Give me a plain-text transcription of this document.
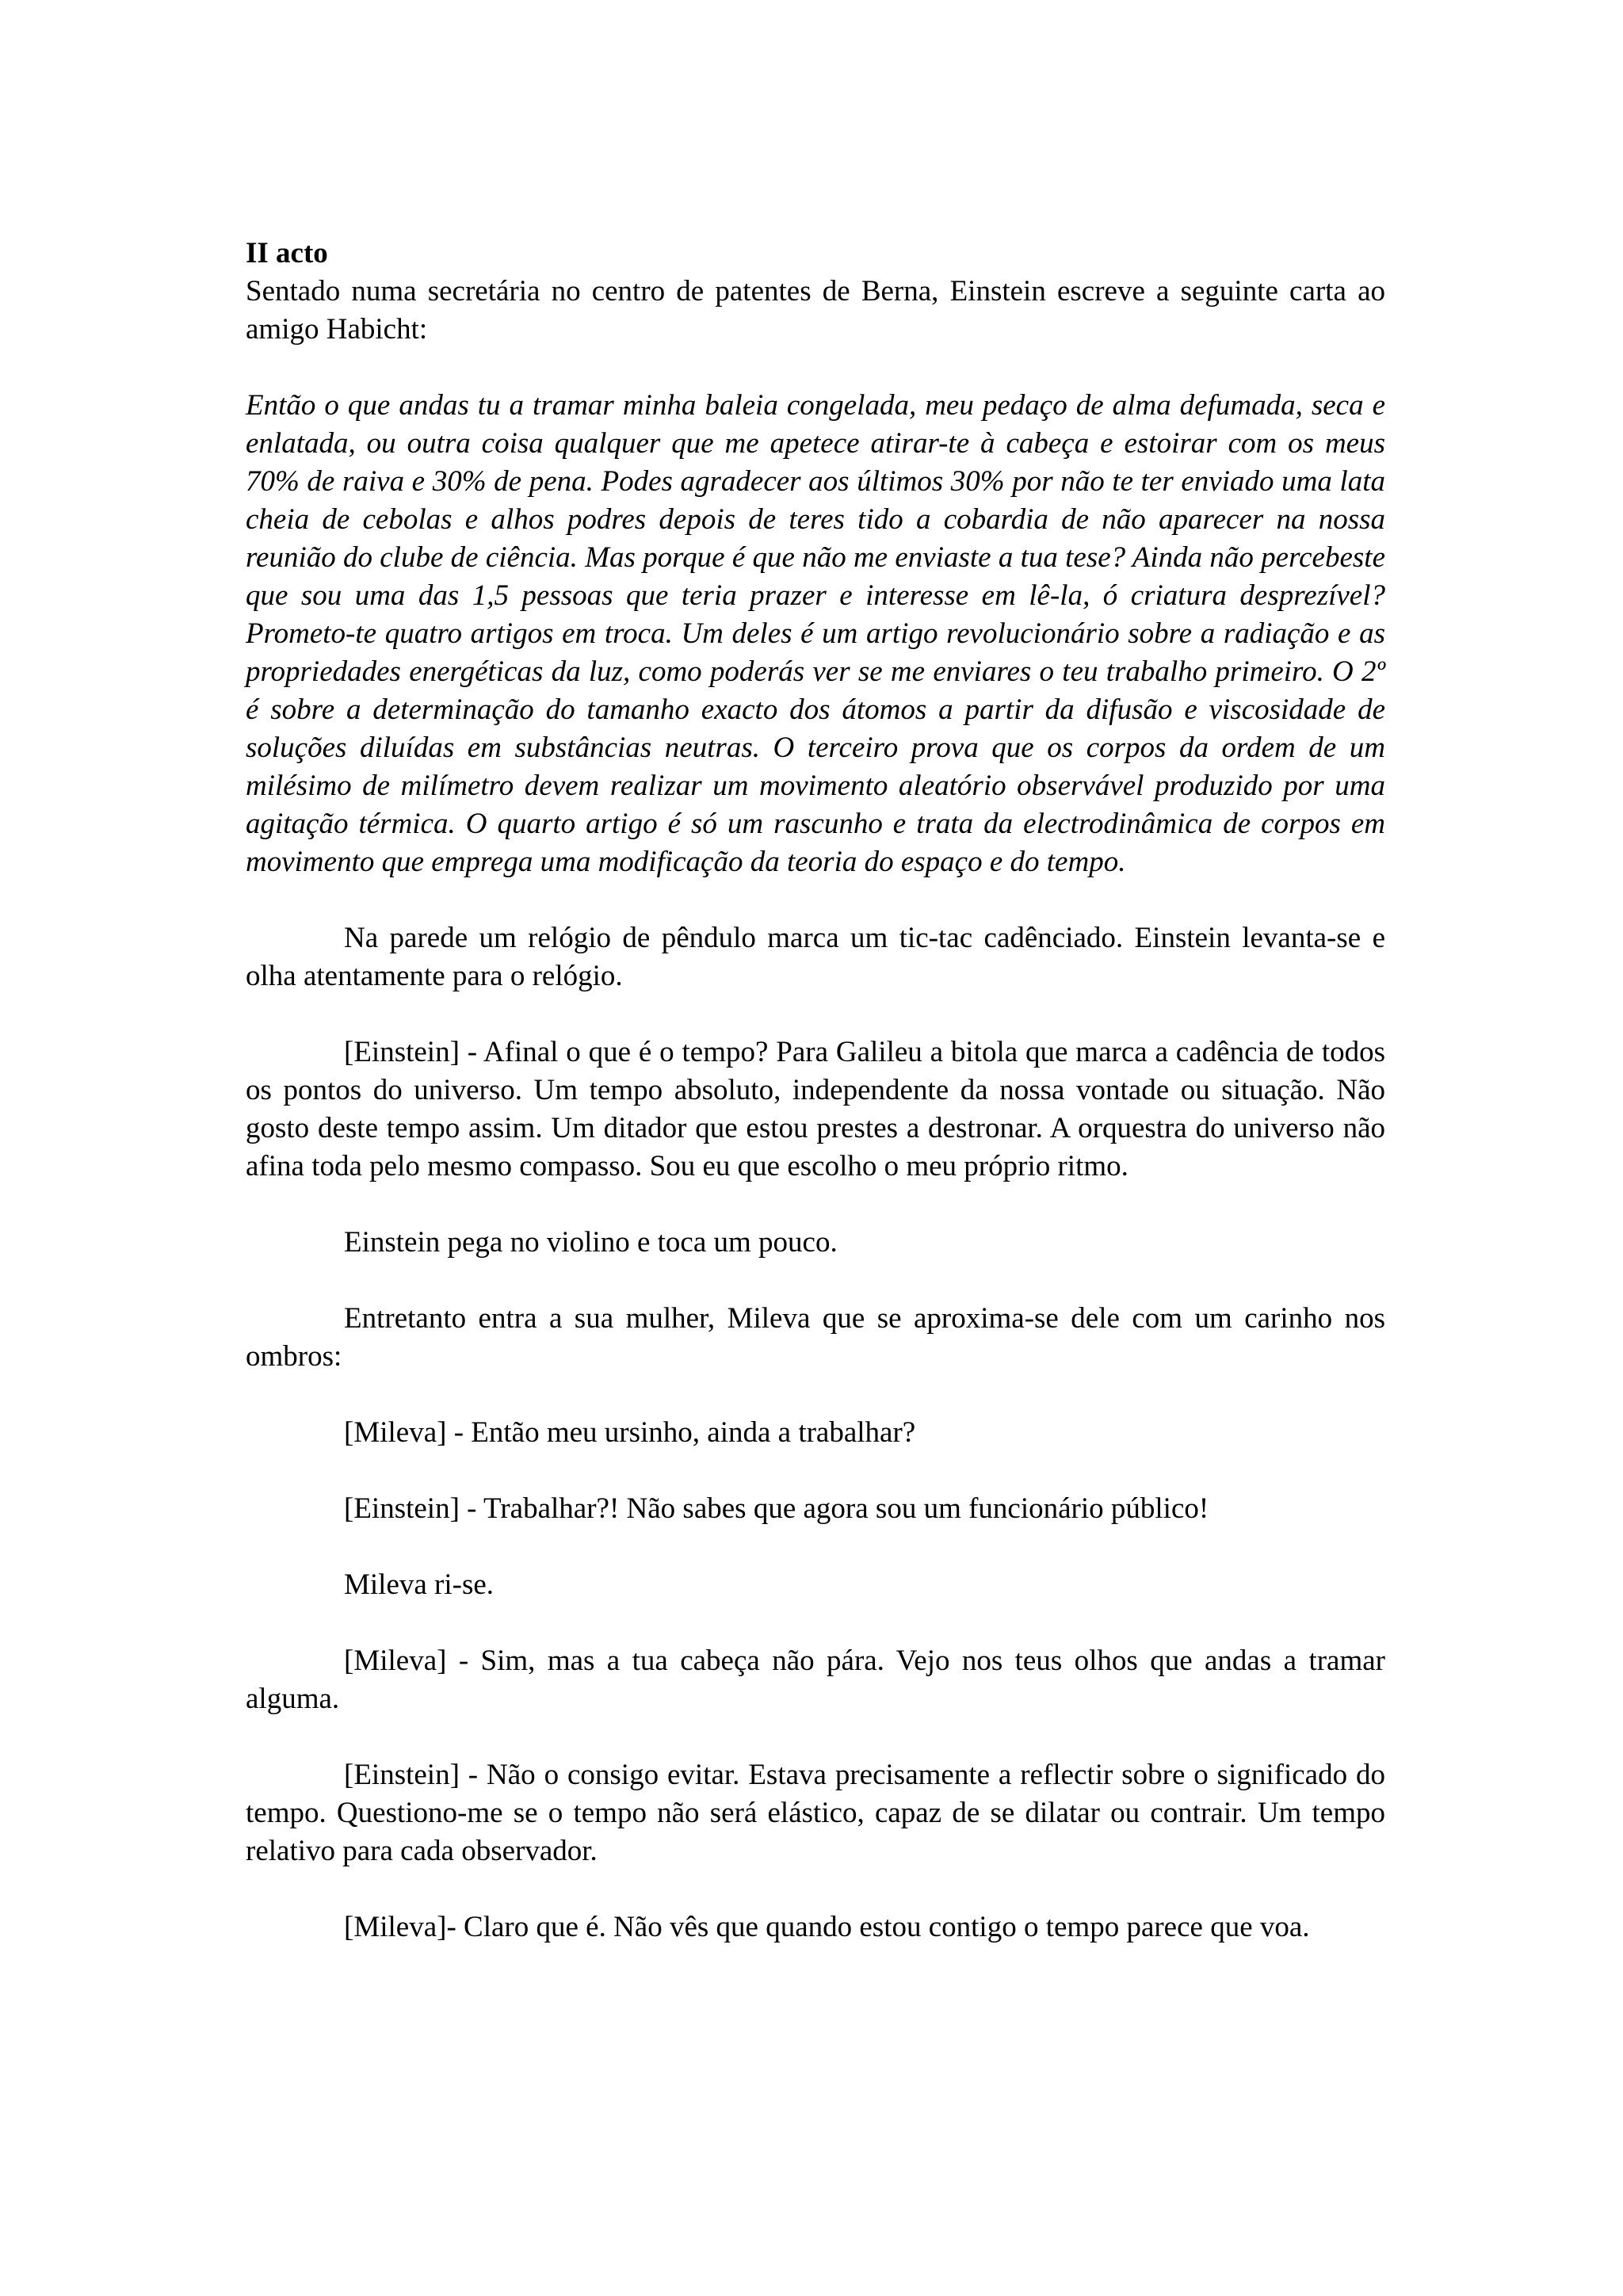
II acto

Sentado numa secretária no centro de patentes de Berna, Einstein escreve a seguinte carta ao amigo Habicht:

Então o que andas tu a tramar minha baleia congelada, meu pedaço de alma defumada, seca e enlatada, ou outra coisa qualquer que me apetece atirar-te à cabeça e estoirar com os meus 70% de raiva e 30% de pena. Podes agradecer aos últimos 30% por não te ter enviado uma lata cheia de cebolas e alhos podres depois de teres tido a cobardia de não aparecer na nossa reunião do clube de ciência. Mas porque é que não me enviaste a tua tese? Ainda não percebeste que sou uma das 1,5 pessoas que teria prazer e interesse em lê-la, ó criatura desprezível? Prometo-te quatro artigos em troca. Um deles é um artigo revolucionário sobre a radiação e as propriedades energéticas da luz, como poderás ver se me enviares o teu trabalho primeiro. O 2º é sobre a determinação do tamanho exacto dos átomos a partir da difusão e viscosidade de soluções diluídas em substâncias neutras. O terceiro prova que os corpos da ordem de um milésimo de milímetro devem realizar um movimento aleatório observável produzido por uma agitação térmica. O quarto artigo é só um rascunho e trata da electrodinâmica de corpos em movimento que emprega uma modificação da teoria do espaço e do tempo.

Na parede um relógio de pêndulo marca um tic-tac cadênciado. Einstein levanta-se e olha atentamente para o relógio.

[Einstein] - Afinal o que é o tempo? Para Galileu a bitola que marca a cadência de todos os pontos do universo. Um tempo absoluto, independente da nossa vontade ou situação. Não gosto deste tempo assim. Um ditador que estou prestes a destronar. A orquestra do universo não afina toda pelo mesmo compasso. Sou eu que escolho o meu próprio ritmo.

Einstein pega no violino e toca um pouco.

Entretanto entra a sua mulher, Mileva que se aproxima-se dele com um carinho nos ombros:

[Mileva] - Então meu ursinho, ainda a trabalhar?

[Einstein] - Trabalhar?! Não sabes que agora sou um funcionário público!

Mileva ri-se.

[Mileva] - Sim, mas a tua cabeça não pára. Vejo nos teus olhos que andas a tramar alguma.

[Einstein] - Não o consigo evitar. Estava precisamente a reflectir sobre o significado do tempo. Questiono-me se o tempo não será elástico, capaz de se dilatar ou contrair. Um tempo relativo para cada observador.

[Mileva]- Claro que é. Não vês que quando estou contigo o tempo parece que voa.
